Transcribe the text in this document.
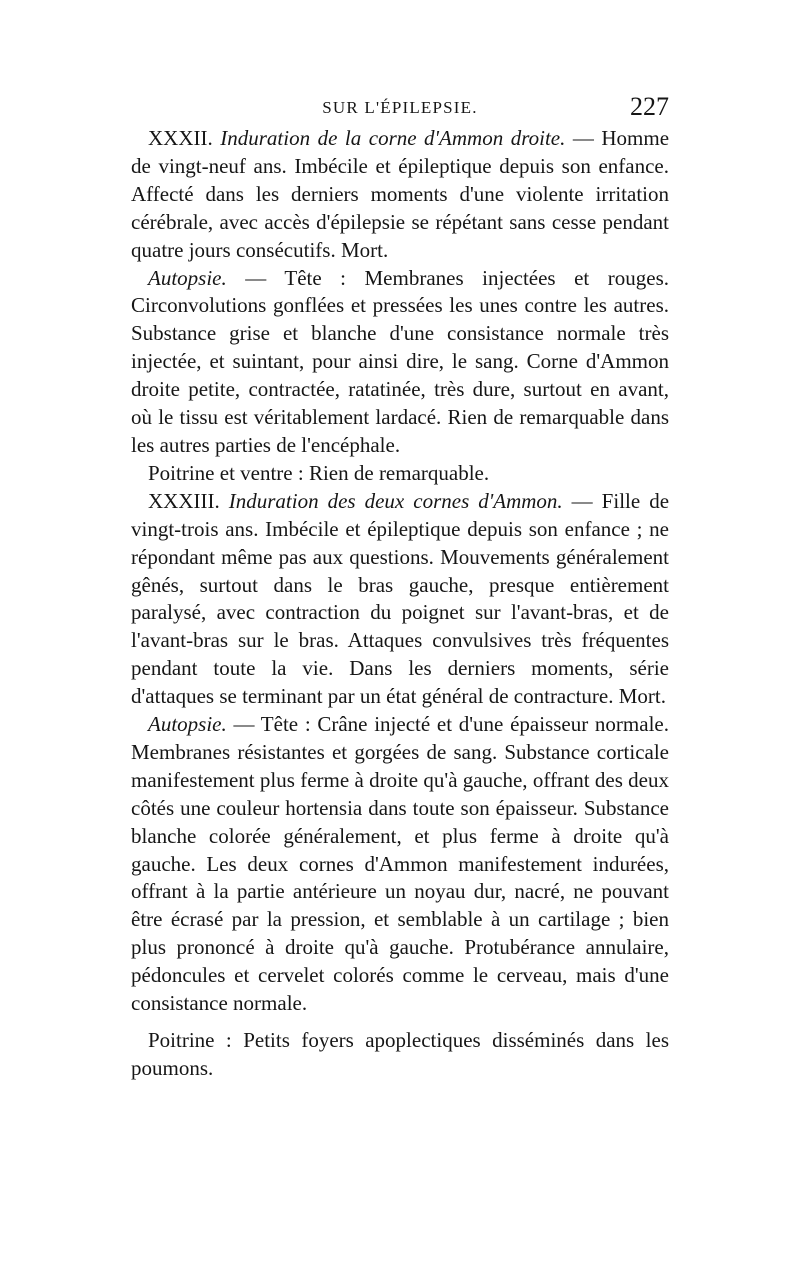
SUR L'ÉPILEPSIE.	227

XXXII. Induration de la corne d'Ammon droite. — Homme de vingt-neuf ans. Imbécile et épileptique depuis son enfance. Affecté dans les derniers moments d'une violente irritation cérébrale, avec accès d'épilepsie se répétant sans cesse pendant quatre jours consécutifs. Mort.

Autopsie. — Tête : Membranes injectées et rouges. Circonvolutions gonflées et pressées les unes contre les autres. Substance grise et blanche d'une consistance normale très injectée, et suintant, pour ainsi dire, le sang. Corne d'Ammon droite petite, contractée, ratatinée, très dure, surtout en avant, où le tissu est véritablement lardacé. Rien de remarquable dans les autres parties de l'encéphale.

Poitrine et ventre : Rien de remarquable.

XXXIII. Induration des deux cornes d'Ammon. — Fille de vingt-trois ans. Imbécile et épileptique depuis son enfance ; ne répondant même pas aux questions. Mouvements généralement gênés, surtout dans le bras gauche, presque entièrement paralysé, avec contraction du poignet sur l'avant-bras, et de l'avant-bras sur le bras. Attaques convulsives très fréquentes pendant toute la vie. Dans les derniers moments, série d'attaques se terminant par un état général de contracture. Mort.

Autopsie. — Tête : Crâne injecté et d'une épaisseur normale. Membranes résistantes et gorgées de sang. Substance corticale manifestement plus ferme à droite qu'à gauche, offrant des deux côtés une couleur hortensia dans toute son épaisseur. Substance blanche colorée généralement, et plus ferme à droite qu'à gauche. Les deux cornes d'Ammon manifestement indurées, offrant à la partie antérieure un noyau dur, nacré, ne pouvant être écrasé par la pression, et semblable à un cartilage ; bien plus prononcé à droite qu'à gauche. Protubérance annulaire, pédoncules et cervelet colorés comme le cerveau, mais d'une consistance normale.

Poitrine : Petits foyers apoplectiques disséminés dans les poumons.
